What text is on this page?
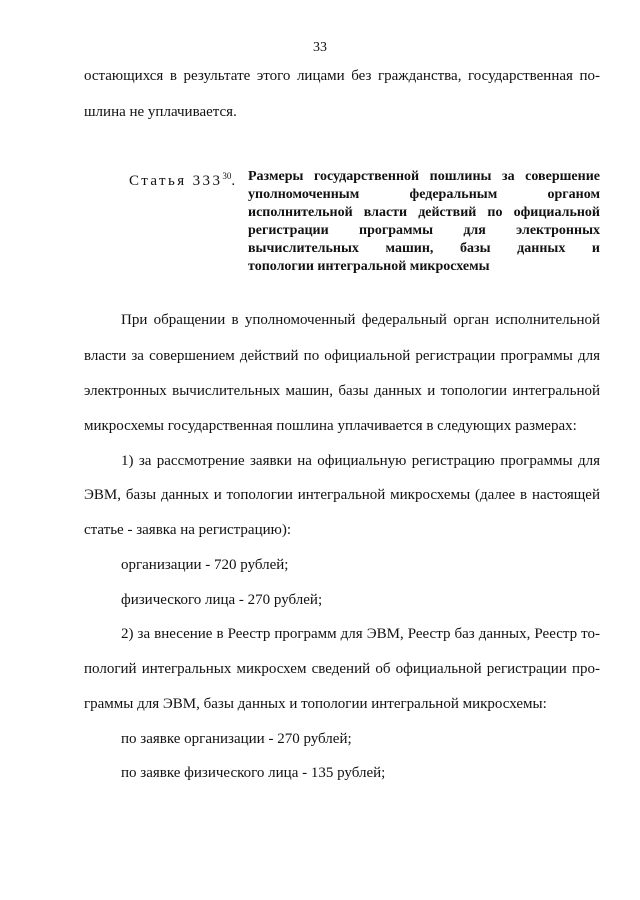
33
остающихся в результате этого лицами без гражданства, государственная по-
шлина не уплачивается.
Статья $333^{30}$. Размеры государственной пошлины за совершение
уполномоченным федеральным органом
исполнительной власти действий по официальной
регистрации программы для электронных
вычислительных машин, базы данных и
топологии интегральной микросхемы
При обращении в уполномоченный федеральный орган исполнительной
власти за совершением действий по официальной регистрации программы для
электронных вычислительных машин, базы данных и топологии интегральной
микросхемы государственная пошлина уплачивается в следующих размерах:
1) за рассмотрение заявки на официальную регистрацию программы для
ЭВМ, базы данных и топологии интегральной микросхемы (далее в настоящей
статье - заявка на регистрацию):
организации - 720 рублей;
физического лица - 270 рублей;
2) за внесение в Реестр программ для ЭВМ, Реестр баз данных, Реестр то-
пологий интегральных микросхем сведений об официальной регистрации про-
граммы для ЭВМ, базы данных и топологии интегральной микросхемы:
по заявке организации - 270 рублей;
по заявке физического лица - 135 рублей;
